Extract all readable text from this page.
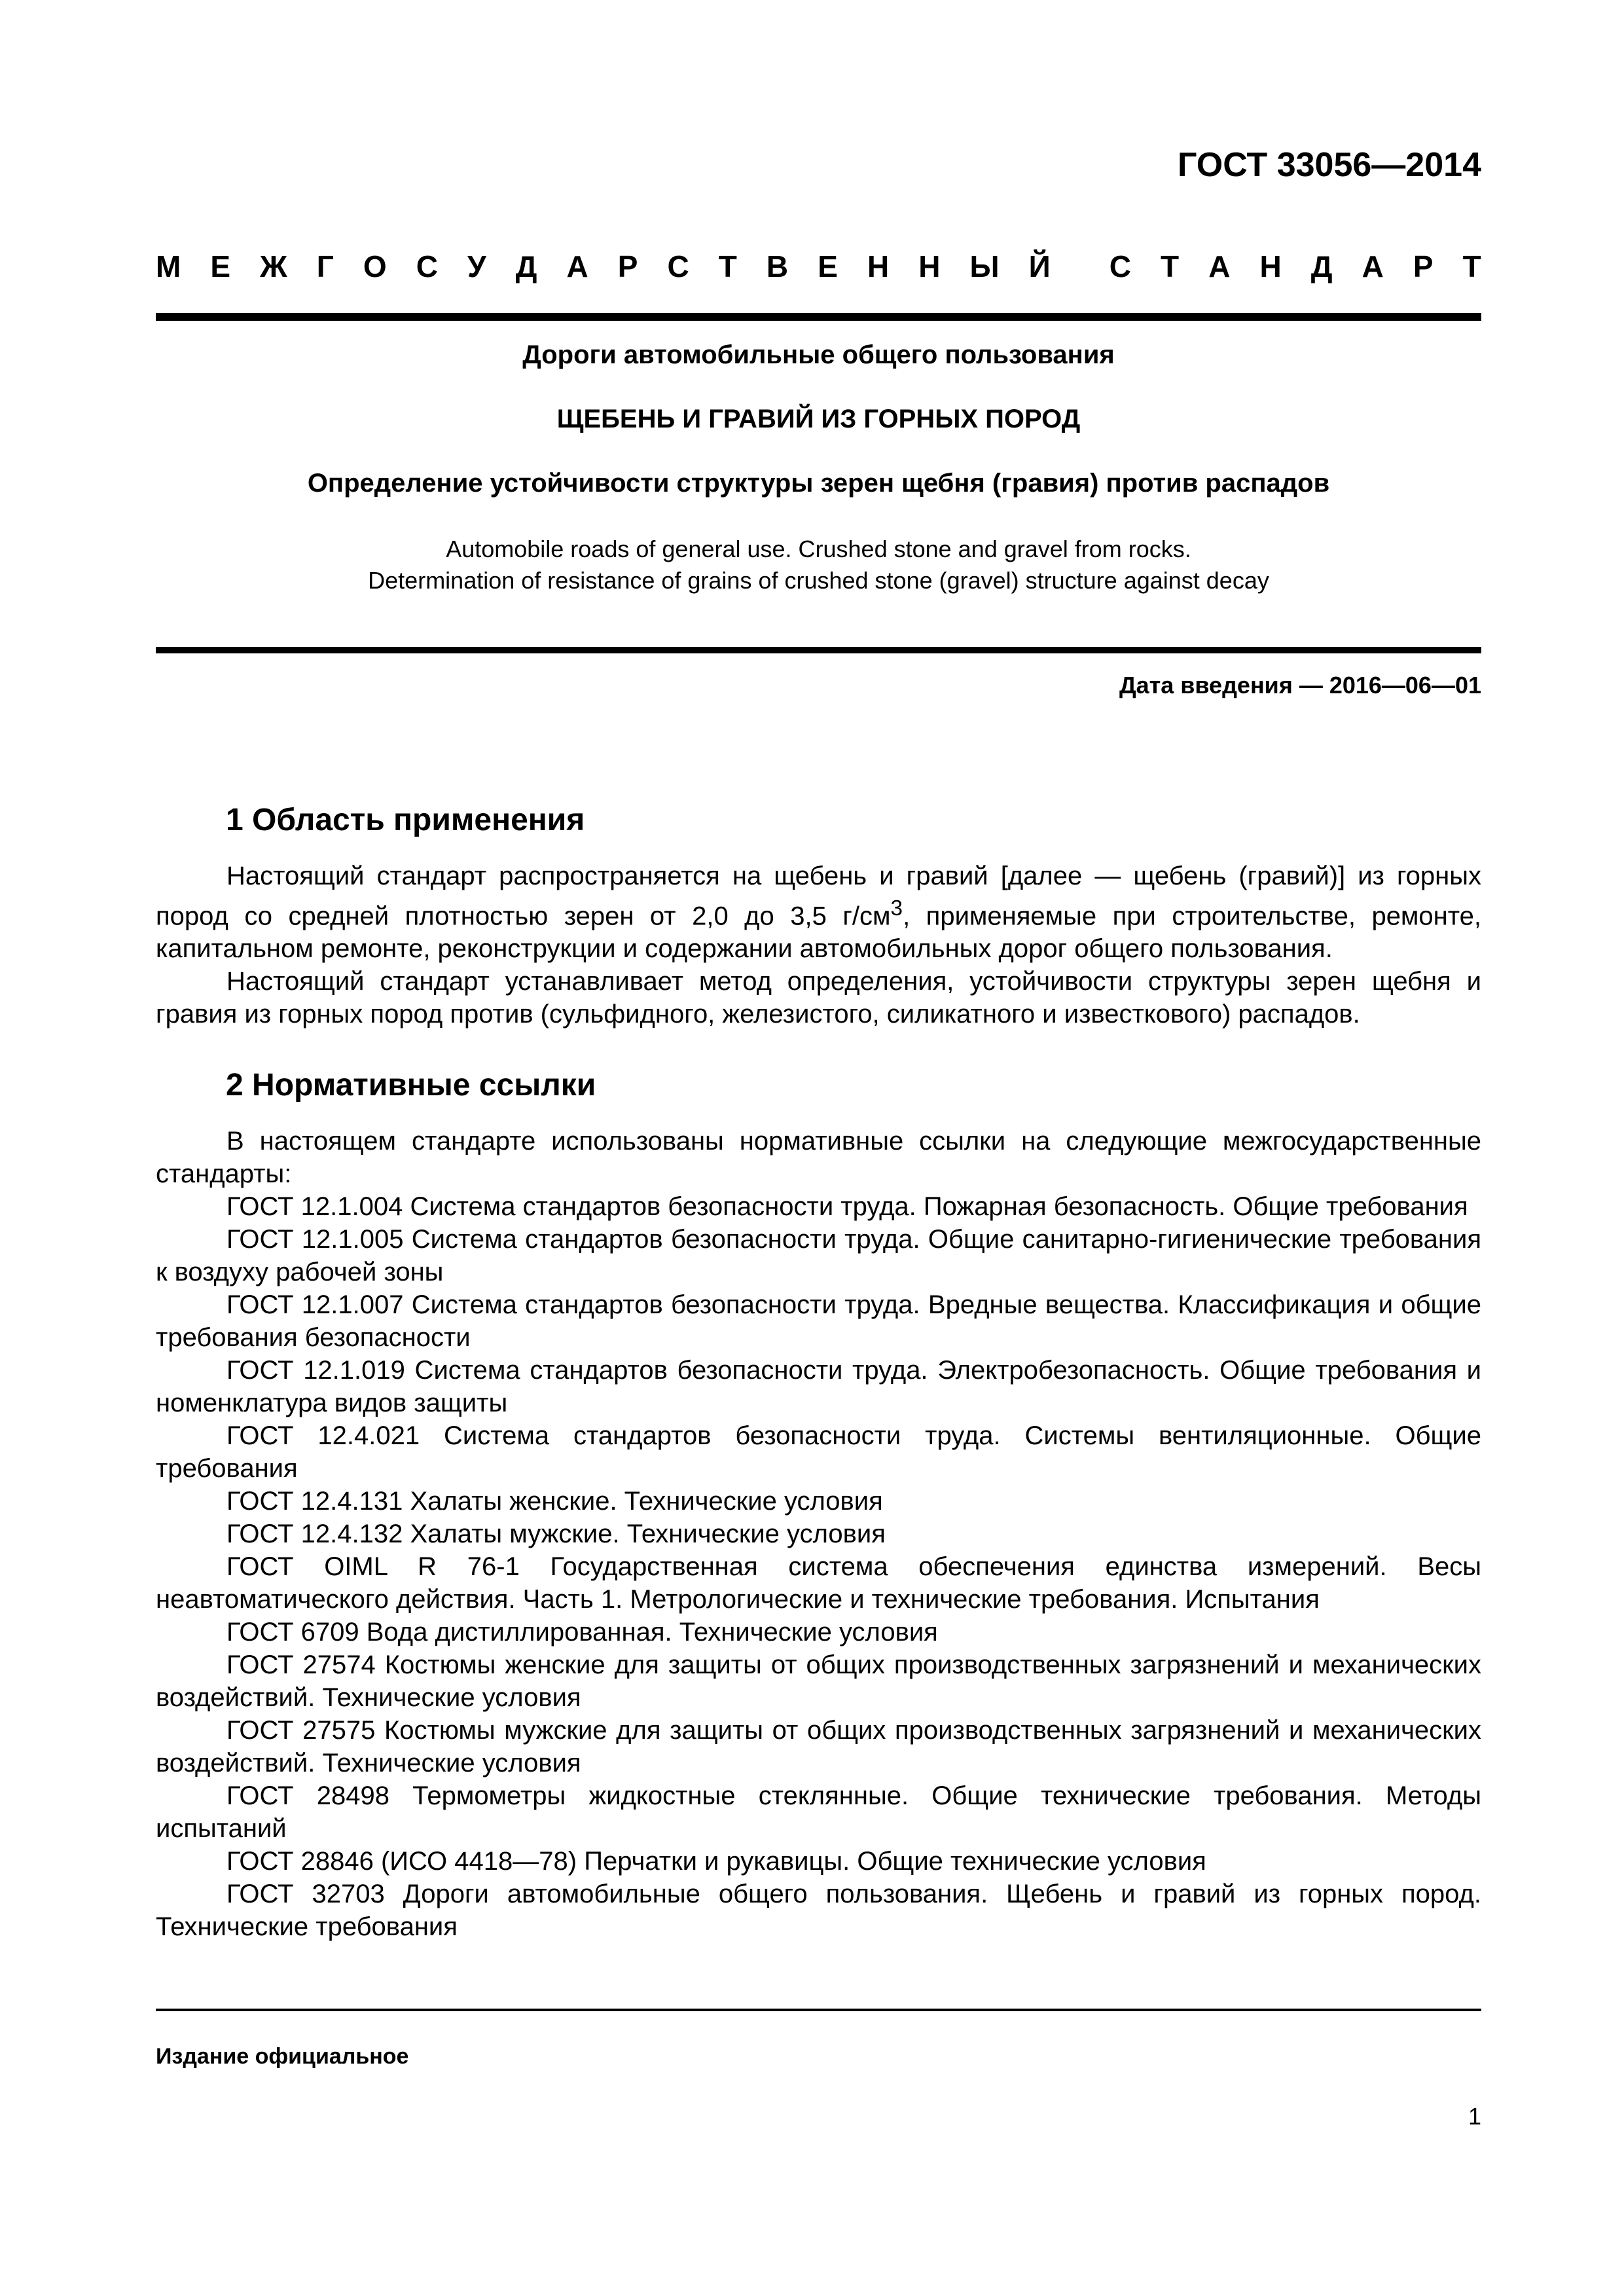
ГОСТ 33056—2014
М Е Ж Г О С У Д А Р С Т В Е Н Н Ы Й С Т А Н Д А Р Т
Дороги автомобильные общего пользования
ЩЕБЕНЬ И ГРАВИЙ ИЗ ГОРНЫХ ПОРОД
Определение устойчивости структуры зерен щебня (гравия) против распадов
Automobile roads of general use. Crushed stone and gravel from rocks.
Determination of resistance of grains of crushed stone (gravel) structure against decay
Дата введения — 2016—06—01
1 Область применения

Настоящий стандарт распространяется на щебень и гравий [далее — щебень (гравий)] из горных пород со средней плотностью зерен от 2,0 до 3,5 $г/см^3$, применяемые при строительстве, ремонте, капитальном ремонте, реконструкции и содержании автомобильных дорог общего пользования.

Настоящий стандарт устанавливает метод определения, устойчивости структуры зерен щебня и гравия из горных пород против (сульфидного, железистого, силикатного и известкового) распадов.

2 Нормативные ссылки

В настоящем стандарте использованы нормативные ссылки на следующие межгосударственные стандарты:

ГОСТ 12.1.004 Система стандартов безопасности труда. Пожарная безопасность. Общие требования
ГОСТ 12.1.005 Система стандартов безопасности труда. Общие санитарно-гигиенические требования к воздуху рабочей зоны
ГОСТ 12.1.007 Система стандартов безопасности труда. Вредные вещества. Классификация и общие требования безопасности
ГОСТ 12.1.019 Система стандартов безопасности труда. Электробезопасность. Общие требования и номенклатура видов защиты
ГОСТ 12.4.021 Система стандартов безопасности труда. Системы вентиляционные. Общие требования
ГОСТ 12.4.131 Халаты женские. Технические условия
ГОСТ 12.4.132 Халаты мужские. Технические условия
ГОСТ OIML R 76-1 Государственная система обеспечения единства измерений. Весы неавтоматического действия. Часть 1. Метрологические и технические требования. Испытания
ГОСТ 6709 Вода дистиллированная. Технические условия
ГОСТ 27574 Костюмы женские для защиты от общих производственных загрязнений и механических воздействий. Технические условия
ГОСТ 27575 Костюмы мужские для защиты от общих производственных загрязнений и механических воздействий. Технические условия
ГОСТ 28498 Термометры жидкостные стеклянные. Общие технические требования. Методы испытаний
ГОСТ 28846 (ИСО 4418—78) Перчатки и рукавицы. Общие технические условия
ГОСТ 32703 Дороги автомобильные общего пользования. Щебень и гравий из горных пород. Технические требования
Издание официальное
1
